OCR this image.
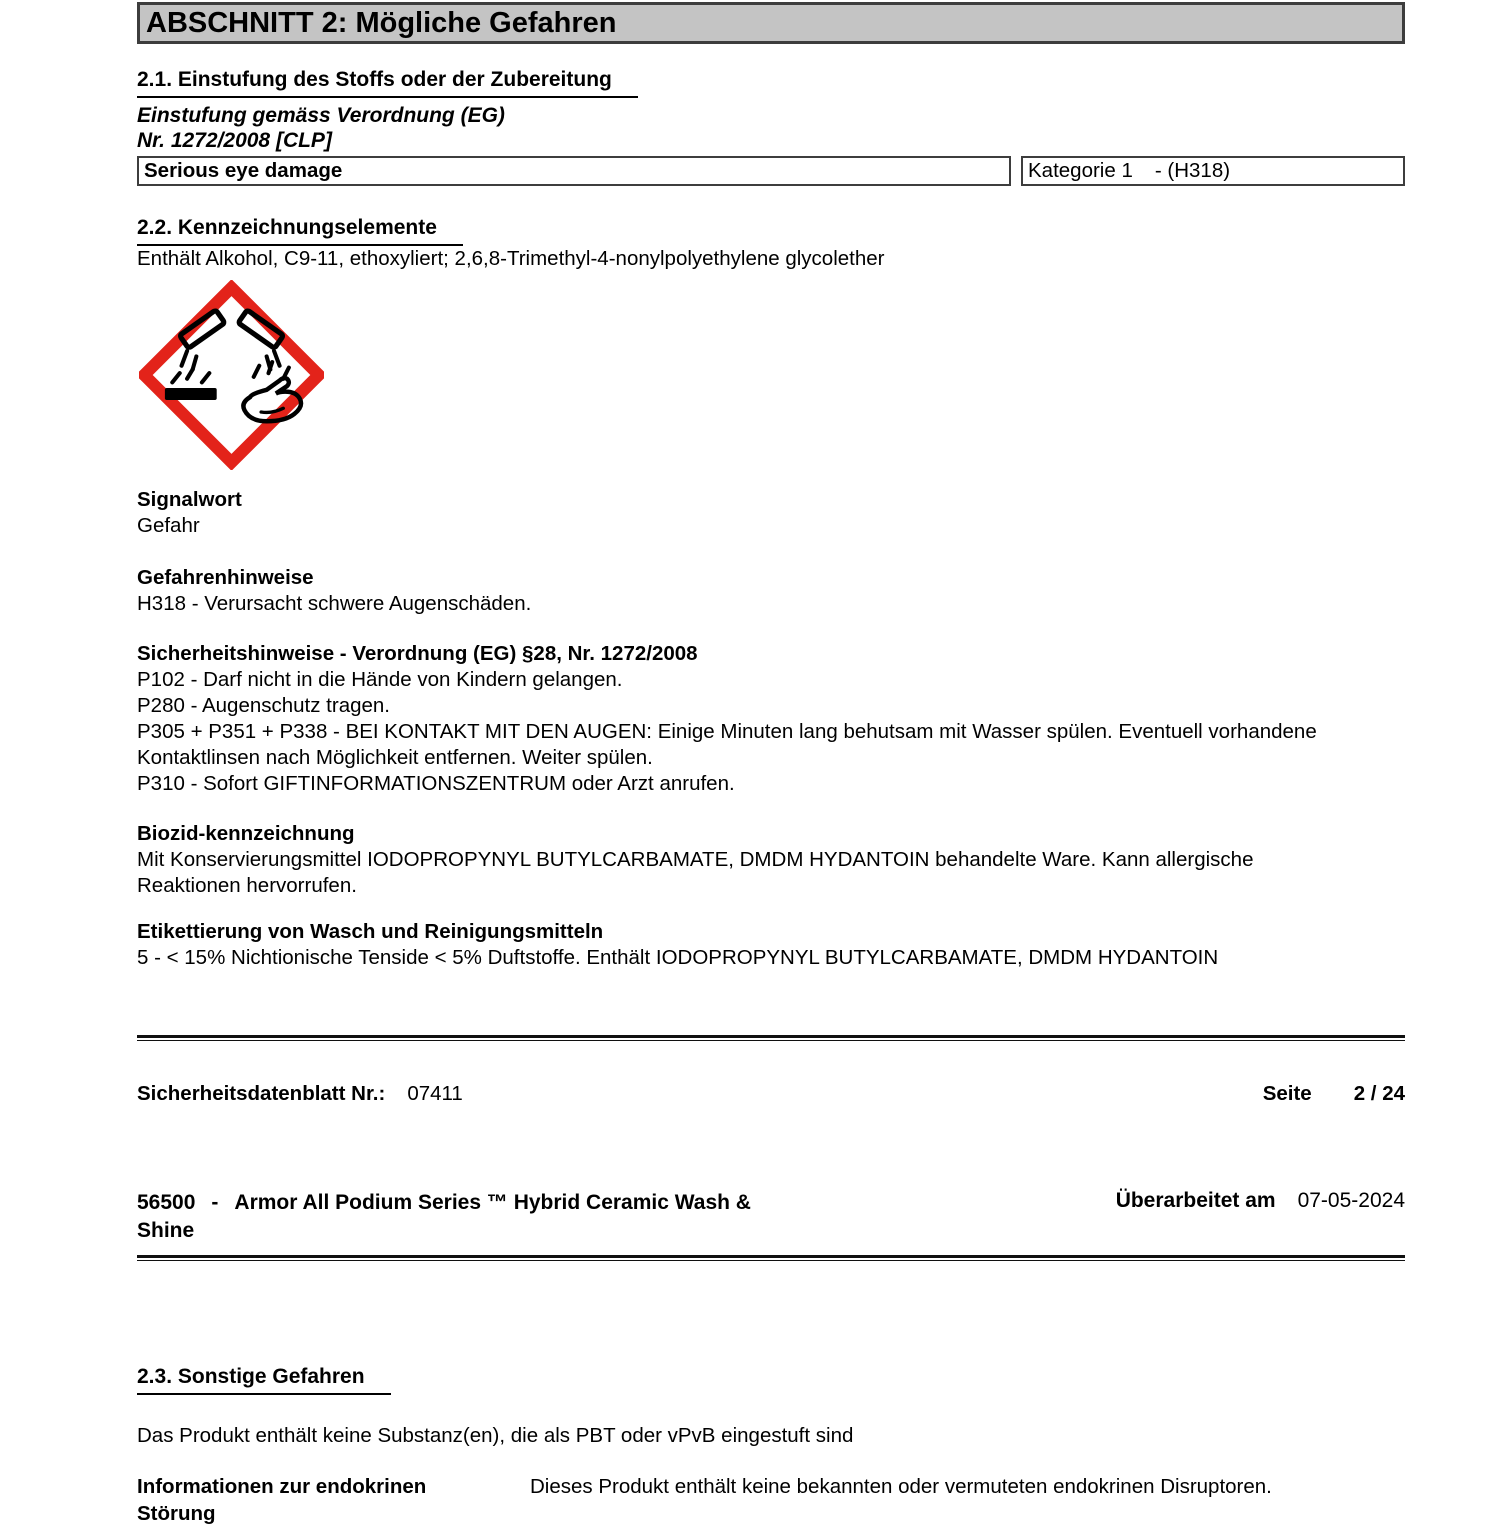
ABSCHNITT 2: Mögliche Gefahren
2.1. Einstufung des Stoffs oder der Zubereitung
Einstufung gemäss Verordnung (EG)
Nr. 1272/2008 [CLP]
Serious eye damage	Kategorie 1 - (H318)
2.2. Kennzeichnungselemente
Enthält Alkohol, C9-11, ethoxyliert; 2,6,8-Trimethyl-4-nonylpolyethylene glycolether
Signalwort
Gefahr
Gefahrenhinweise
H318 - Verursacht schwere Augenschäden.
Sicherheitshinweise - Verordnung (EG) §28, Nr. 1272/2008
P102 - Darf nicht in die Hände von Kindern gelangen.
P280 - Augenschutz tragen.
P305 + P351 + P338 - BEI KONTAKT MIT DEN AUGEN: Einige Minuten lang behutsam mit Wasser spülen. Eventuell vorhandene Kontaktlinsen nach Möglichkeit entfernen. Weiter spülen.
P310 - Sofort GIFTINFORMATIONSZENTRUM oder Arzt anrufen.
Biozid-kennzeichnung
Mit Konservierungsmittel IODOPROPYNYL BUTYLCARBAMATE, DMDM HYDANTOIN behandelte Ware. Kann allergische Reaktionen hervorrufen.
Etikettierung von Wasch und Reinigungsmitteln
5 - < 15% Nichtionische Tenside < 5% Duftstoffe. Enthält IODOPROPYNYL BUTYLCARBAMATE, DMDM HYDANTOIN
Sicherheitsdatenblatt Nr.: 07411	Seite 2 / 24
56500 - Armor All Podium Series ™ Hybrid Ceramic Wash & Shine
Überarbeitet am 07-05-2024
2.3. Sonstige Gefahren
Das Produkt enthält keine Substanz(en), die als PBT oder vPvB eingestuft sind
Informationen zur endokrinen Störung
Dieses Produkt enthält keine bekannten oder vermuteten endokrinen Disruptoren.
